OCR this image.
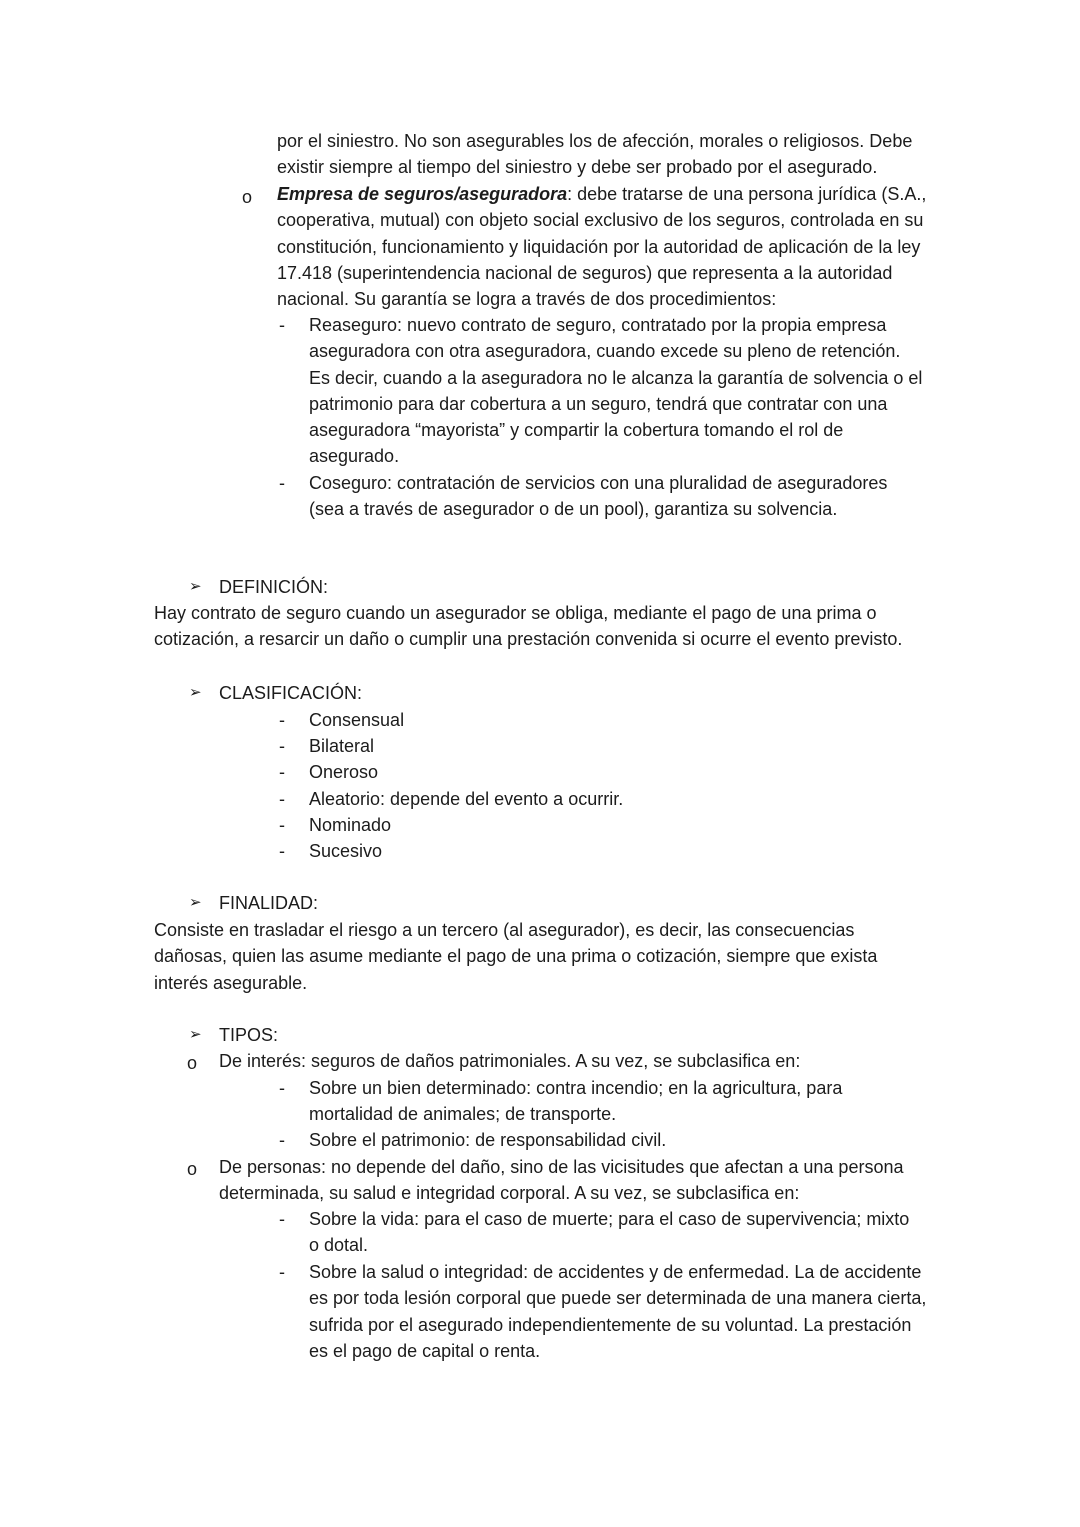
por el siniestro. No son asegurables los de afección, morales o religiosos. Debe existir siempre al tiempo del siniestro y debe ser probado por el asegurado.

o Empresa de seguros/aseguradora: debe tratarse de una persona jurídica (S.A., cooperativa, mutual) con objeto social exclusivo de los seguros, controlada en su constitución, funcionamiento y liquidación por la autoridad de aplicación de la ley 17.418 (superintendencia nacional de seguros) que representa a la autoridad nacional. Su garantía se logra a través de dos procedimientos:

- Reaseguro: nuevo contrato de seguro, contratado por la propia empresa aseguradora con otra aseguradora, cuando excede su pleno de retención. Es decir, cuando a la aseguradora no le alcanza la garantía de solvencia o el patrimonio para dar cobertura a un seguro, tendrá que contratar con una aseguradora “mayorista” y compartir la cobertura tomando el rol de asegurado.

- Coseguro: contratación de servicios con una pluralidad de aseguradores (sea a través de asegurador o de un pool), garantiza su solvencia.

➢ DEFINICIÓN:

Hay contrato de seguro cuando un asegurador se obliga, mediante el pago de una prima o cotización, a resarcir un daño o cumplir una prestación convenida si ocurre el evento previsto.

➢ CLASIFICACIÓN:

- Consensual

- Bilateral

- Oneroso

- Aleatorio: depende del evento a ocurrir.

- Nominado

- Sucesivo

➢ FINALIDAD:

Consiste en trasladar el riesgo a un tercero (al asegurador), es decir, las consecuencias dañosas, quien las asume mediante el pago de una prima o cotización, siempre que exista interés asegurable.

➢ TIPOS:

o De interés: seguros de daños patrimoniales. A su vez, se subclasifica en:

- Sobre un bien determinado: contra incendio; en la agricultura, para mortalidad de animales; de transporte.

- Sobre el patrimonio: de responsabilidad civil.

o De personas: no depende del daño, sino de las vicisitudes que afectan a una persona determinada, su salud e integridad corporal. A su vez, se subclasifica en:

- Sobre la vida: para el caso de muerte; para el caso de supervivencia; mixto o dotal.

- Sobre la salud o integridad: de accidentes y de enfermedad. La de accidente es por toda lesión corporal que puede ser determinada de una manera cierta, sufrida por el asegurado independientemente de su voluntad. La prestación es el pago de capital o renta.
